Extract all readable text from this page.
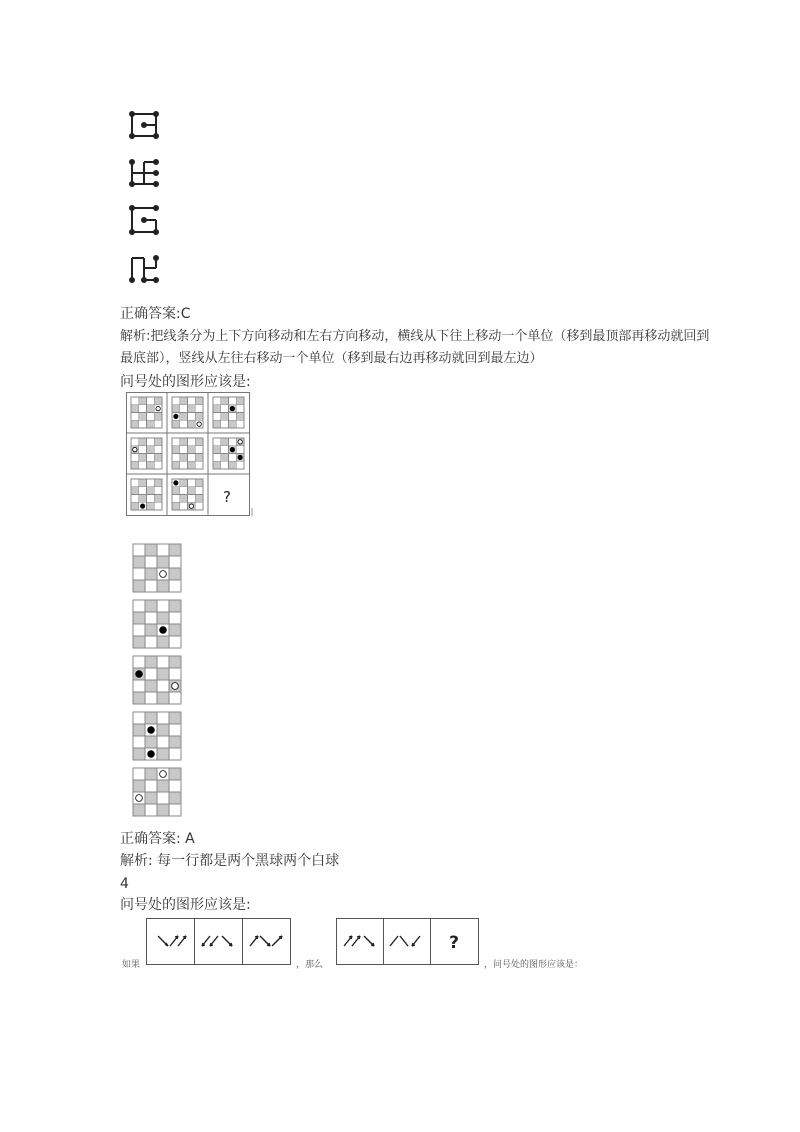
正确答案:C
解析:把线条分为上下方向移动和左右方向移动，横线从下往上移动一个单位（移到最顶部再移动就回到
最底部），竖线从左往右移动一个单位（移到最右边再移动就回到最左边）
问号处的图形应该是:
?
正确答案: A
解析: 每一行都是两个黑球两个白球
4
问号处的图形应该是:
如果	，那么
?
，问号处的图形应该是：
